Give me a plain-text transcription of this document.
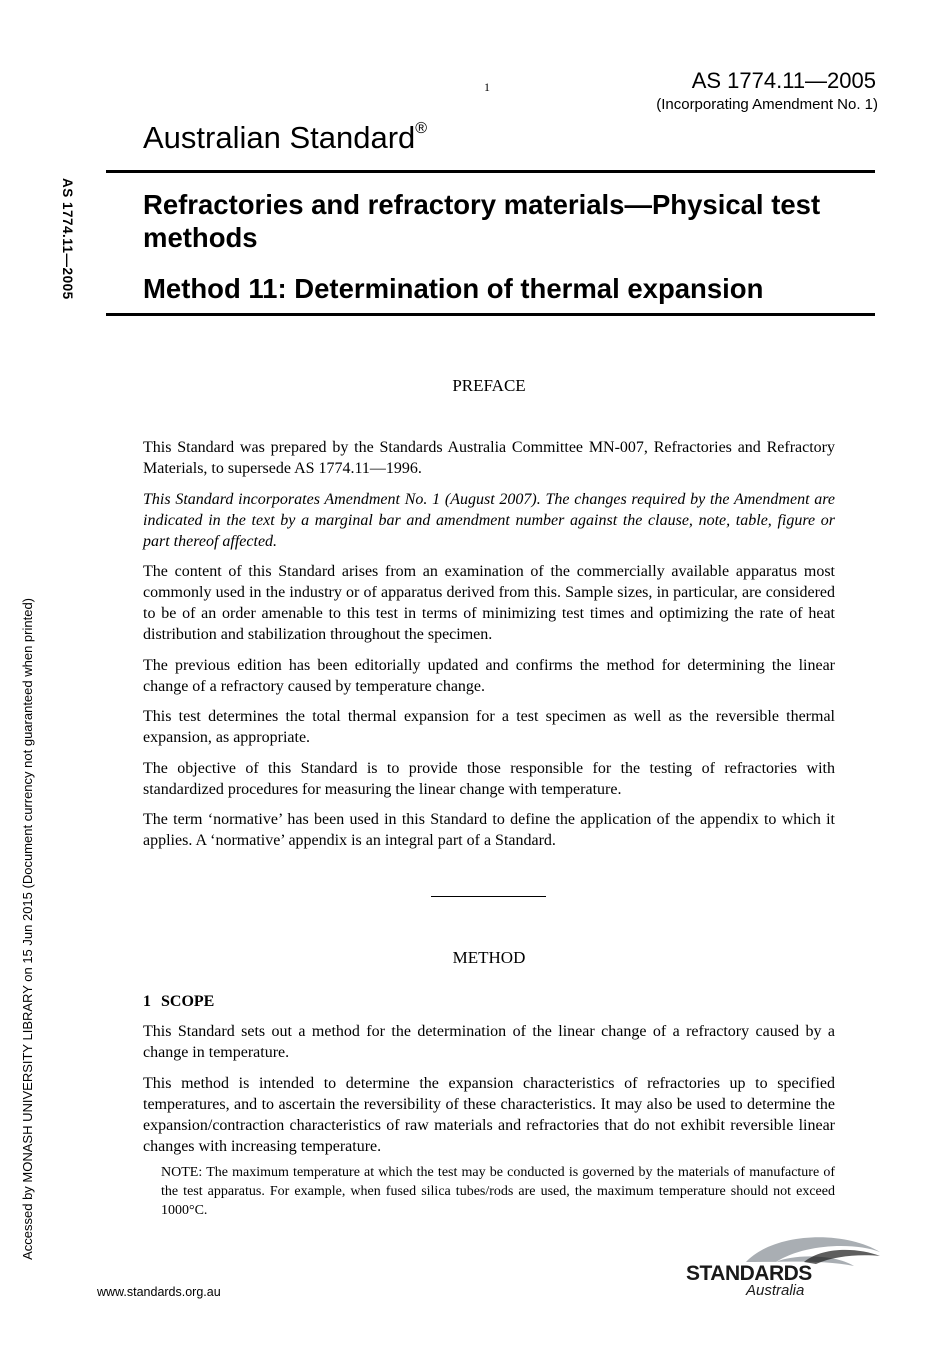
1	AS 1774.11—2005
(Incorporating Amendment No. 1)
Australian Standard®
Refractories and refractory materials—Physical test methods
Method 11: Determination of thermal expansion
AS 1774.11—2005
Accessed by MONASH UNIVERSITY LIBRARY on 15 Jun 2015 (Document currency not guaranteed when printed)
PREFACE

This Standard was prepared by the Standards Australia Committee MN-007, Refractories and Refractory Materials, to supersede AS 1774.11—1996.

This Standard incorporates Amendment No. 1 (August 2007). The changes required by the Amendment are indicated in the text by a marginal bar and amendment number against the clause, note, table, figure or part thereof affected.

The content of this Standard arises from an examination of the commercially available apparatus most commonly used in the industry or of apparatus derived from this. Sample sizes, in particular, are considered to be of an order amenable to this test in terms of minimizing test times and optimizing the rate of heat distribution and stabilization throughout the specimen.

The previous edition has been editorially updated and confirms the method for determining the linear change of a refractory caused by temperature change.

This test determines the total thermal expansion for a test specimen as well as the reversible thermal expansion, as appropriate.

The objective of this Standard is to provide those responsible for the testing of refractories with standardized procedures for measuring the linear change with temperature.

The term ‘normative’ has been used in this Standard to define the application of the appendix to which it applies. A ‘normative’ appendix is an integral part of a Standard.

METHOD
1 SCOPE

This Standard sets out a method for the determination of the linear change of a refractory caused by a change in temperature.

This method is intended to determine the expansion characteristics of refractories up to specified temperatures, and to ascertain the reversibility of these characteristics. It may also be used to determine the expansion/contraction characteristics of raw materials and refractories that do not exhibit reversible linear changes with increasing temperature.

NOTE: The maximum temperature at which the test may be conducted is governed by the materials of manufacture of the test apparatus. For example, when fused silica tubes/rods are used, the maximum temperature should not exceed 1000°C.
www.standards.org.au
STANDARDS
Australia
